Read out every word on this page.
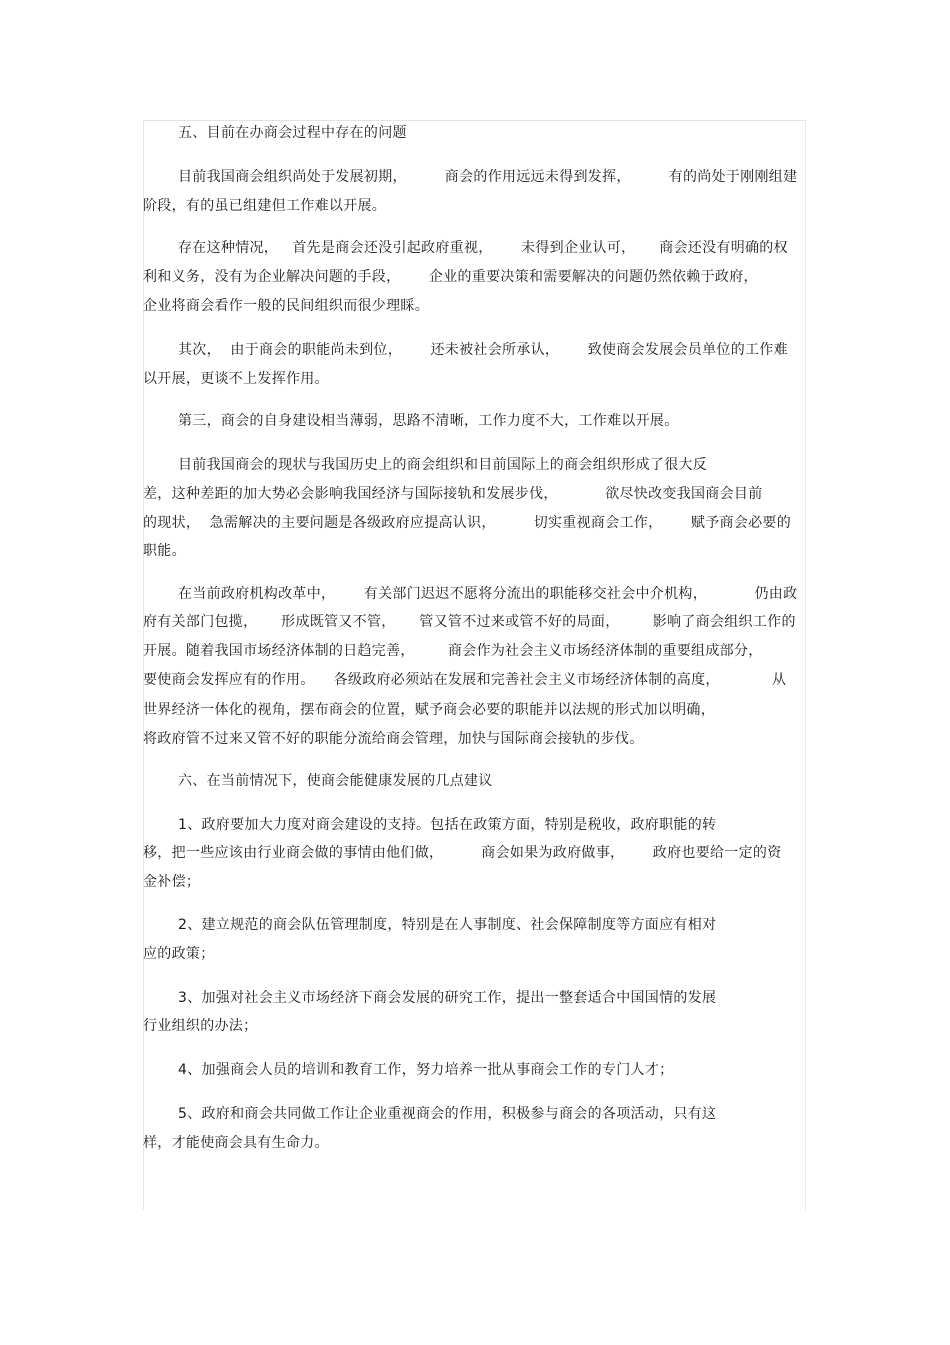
五、目前在办商会过程中存在的问题
目前我国商会组织尚处于发展初期，        商会的作用远远未得到发挥，        有的尚处于刚刚组建
阶段，有的虽已组建但工作难以开展。
存在这种情况，   首先是商会还没引起政府重视，      未得到企业认可，     商会还没有明确的权
利和义务，没有为企业解决问题的手段，      企业的重要决策和需要解决的问题仍然依赖于政府，
企业将商会看作一般的民间组织而很少理睬。
其次，  由于商会的职能尚未到位，      还未被社会所承认，      致使商会发展会员单位的工作难
以开展，更谈不上发挥作用。
第三，商会的自身建设相当薄弱，思路不清晰，工作力度不大，工作难以开展。
目前我国商会的现状与我国历史上的商会组织和目前国际上的商会组织形成了很大反
差，这种差距的加大势必会影响我国经济与国际接轨和发展步伐，          欲尽快改变我国商会目前
的现状，  急需解决的主要问题是各级政府应提高认识，        切实重视商会工作，      赋予商会必要的
职能。
在当前政府机构改革中，      有关部门迟迟不愿将分流出的职能移交社会中介机构，          仍由政
府有关部门包揽，     形成既管又不管，     管又管不过来或管不好的局面，       影响了商会组织工作的
开展。随着我国市场经济体制的日趋完善，       商会作为社会主义市场经济体制的重要组成部分，
要使商会发挥应有的作用。    各级政府必须站在发展和完善社会主义市场经济体制的高度，           从
世界经济一体化的视角，摆布商会的位置，赋予商会必要的职能并以法规的形式加以明确，
将政府管不过来又管不好的职能分流给商会管理，加快与国际商会接轨的步伐。
六、在当前情况下，使商会能健康发展的几点建议
1、政府要加大力度对商会建设的支持。包括在政策方面，特别是税收，政府职能的转
移，把一些应该由行业商会做的事情由他们做，        商会如果为政府做事，      政府也要给一定的资
金补偿；
2、建立规范的商会队伍管理制度，特别是在人事制度、社会保障制度等方面应有相对
应的政策；
3、加强对社会主义市场经济下商会发展的研究工作，提出一整套适合中国国情的发展
行业组织的办法；
4、加强商会人员的培训和教育工作，努力培养一批从事商会工作的专门人才；
5、政府和商会共同做工作让企业重视商会的作用，积极参与商会的各项活动，只有这
样，才能使商会具有生命力。
